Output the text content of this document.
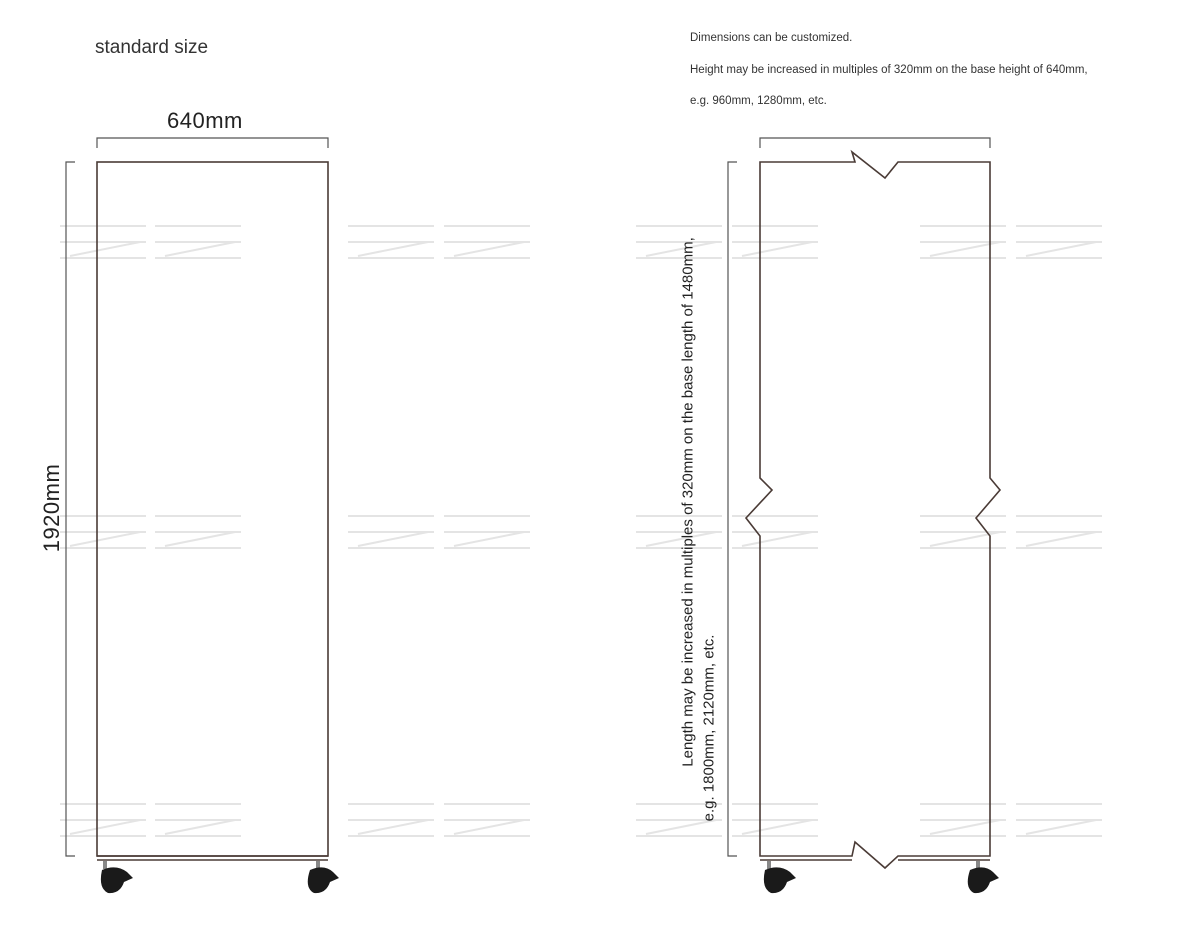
standard size
640mm
1920mm
Dimensions can be customized.
Height may be increased in multiples of 320mm on the base height of 640mm,
e.g. 960mm, 1280mm, etc.
Length may be increased in multiples of 320mm on the base length of 1480mm, e.g. 1800mm, 2120mm, etc.
